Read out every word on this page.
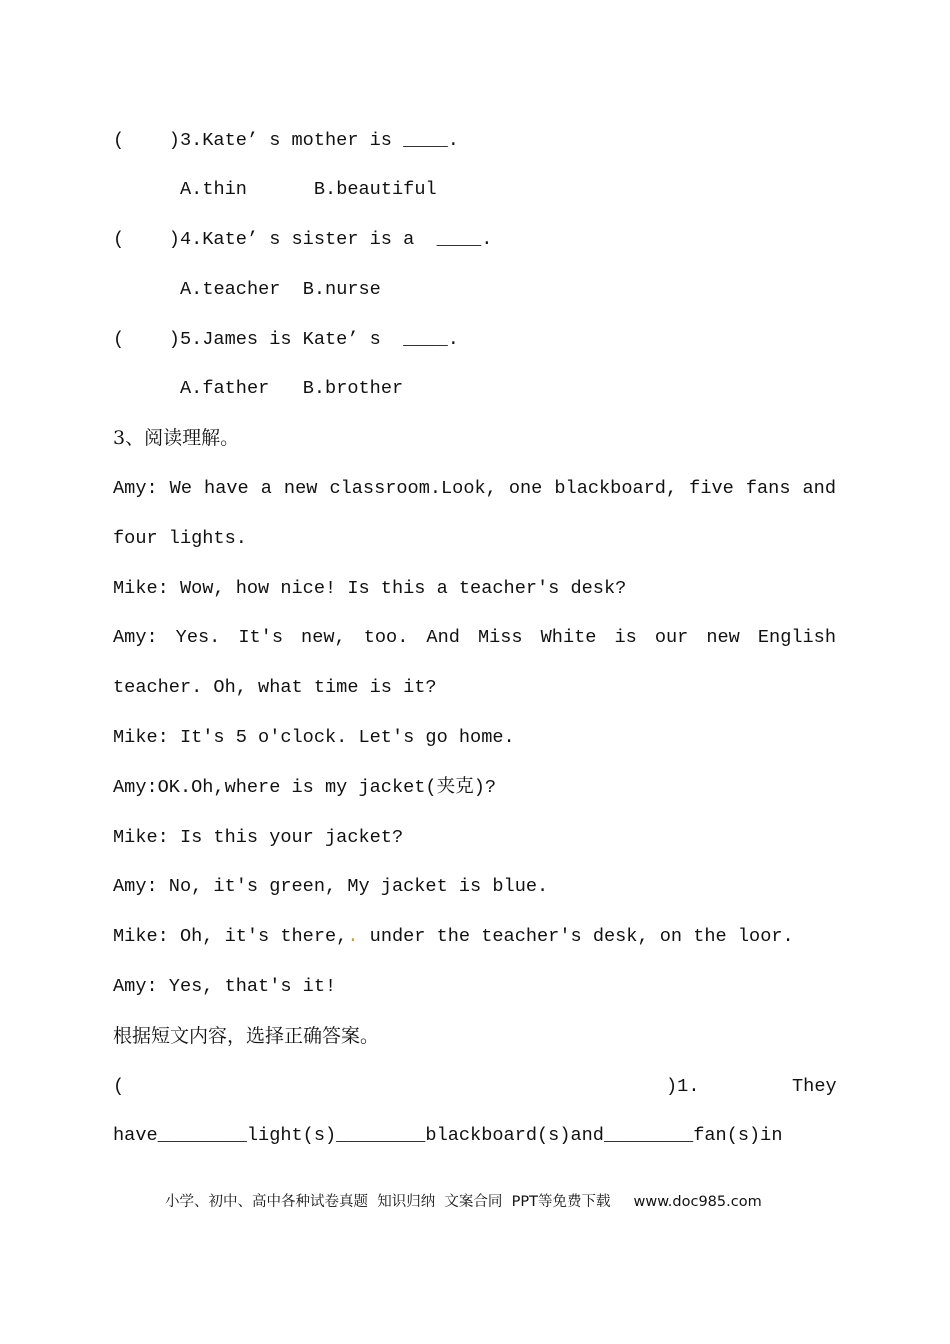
(    )3.Kate’ s mother is ____.
A.thin      B.beautiful
(    )4.Kate’ s sister is a  ____.
A.teacher  B.nurse
(    )5.James is Kate’ s  ____.
A.father   B.brother
3、阅读理解。
Amy: We have a new classroom.Look, one blackboard, five fans and
four lights.
Mike: Wow, how nice! Is this a teacher's desk?
Amy: Yes. It's new, too. And Miss White is our new English
teacher. Oh, what time is it?
Mike: It's 5 o'clock. Let's go home.
Amy:OK.Oh,where is my jacket(夹克)?
Mike: Is this your jacket?
Amy: No, it's green, My jacket is blue.
Mike: Oh, it's there,. under the teacher's desk, on the loor.
Amy: Yes, that's it!
根据短文内容，选择正确答案。
(	)1.	They
have________light(s)________blackboard(s)and________fan(s)in
小学、初中、高中各种试卷真题  知识归纳  文案合同  PPT等免费下载     www.doc985.com
